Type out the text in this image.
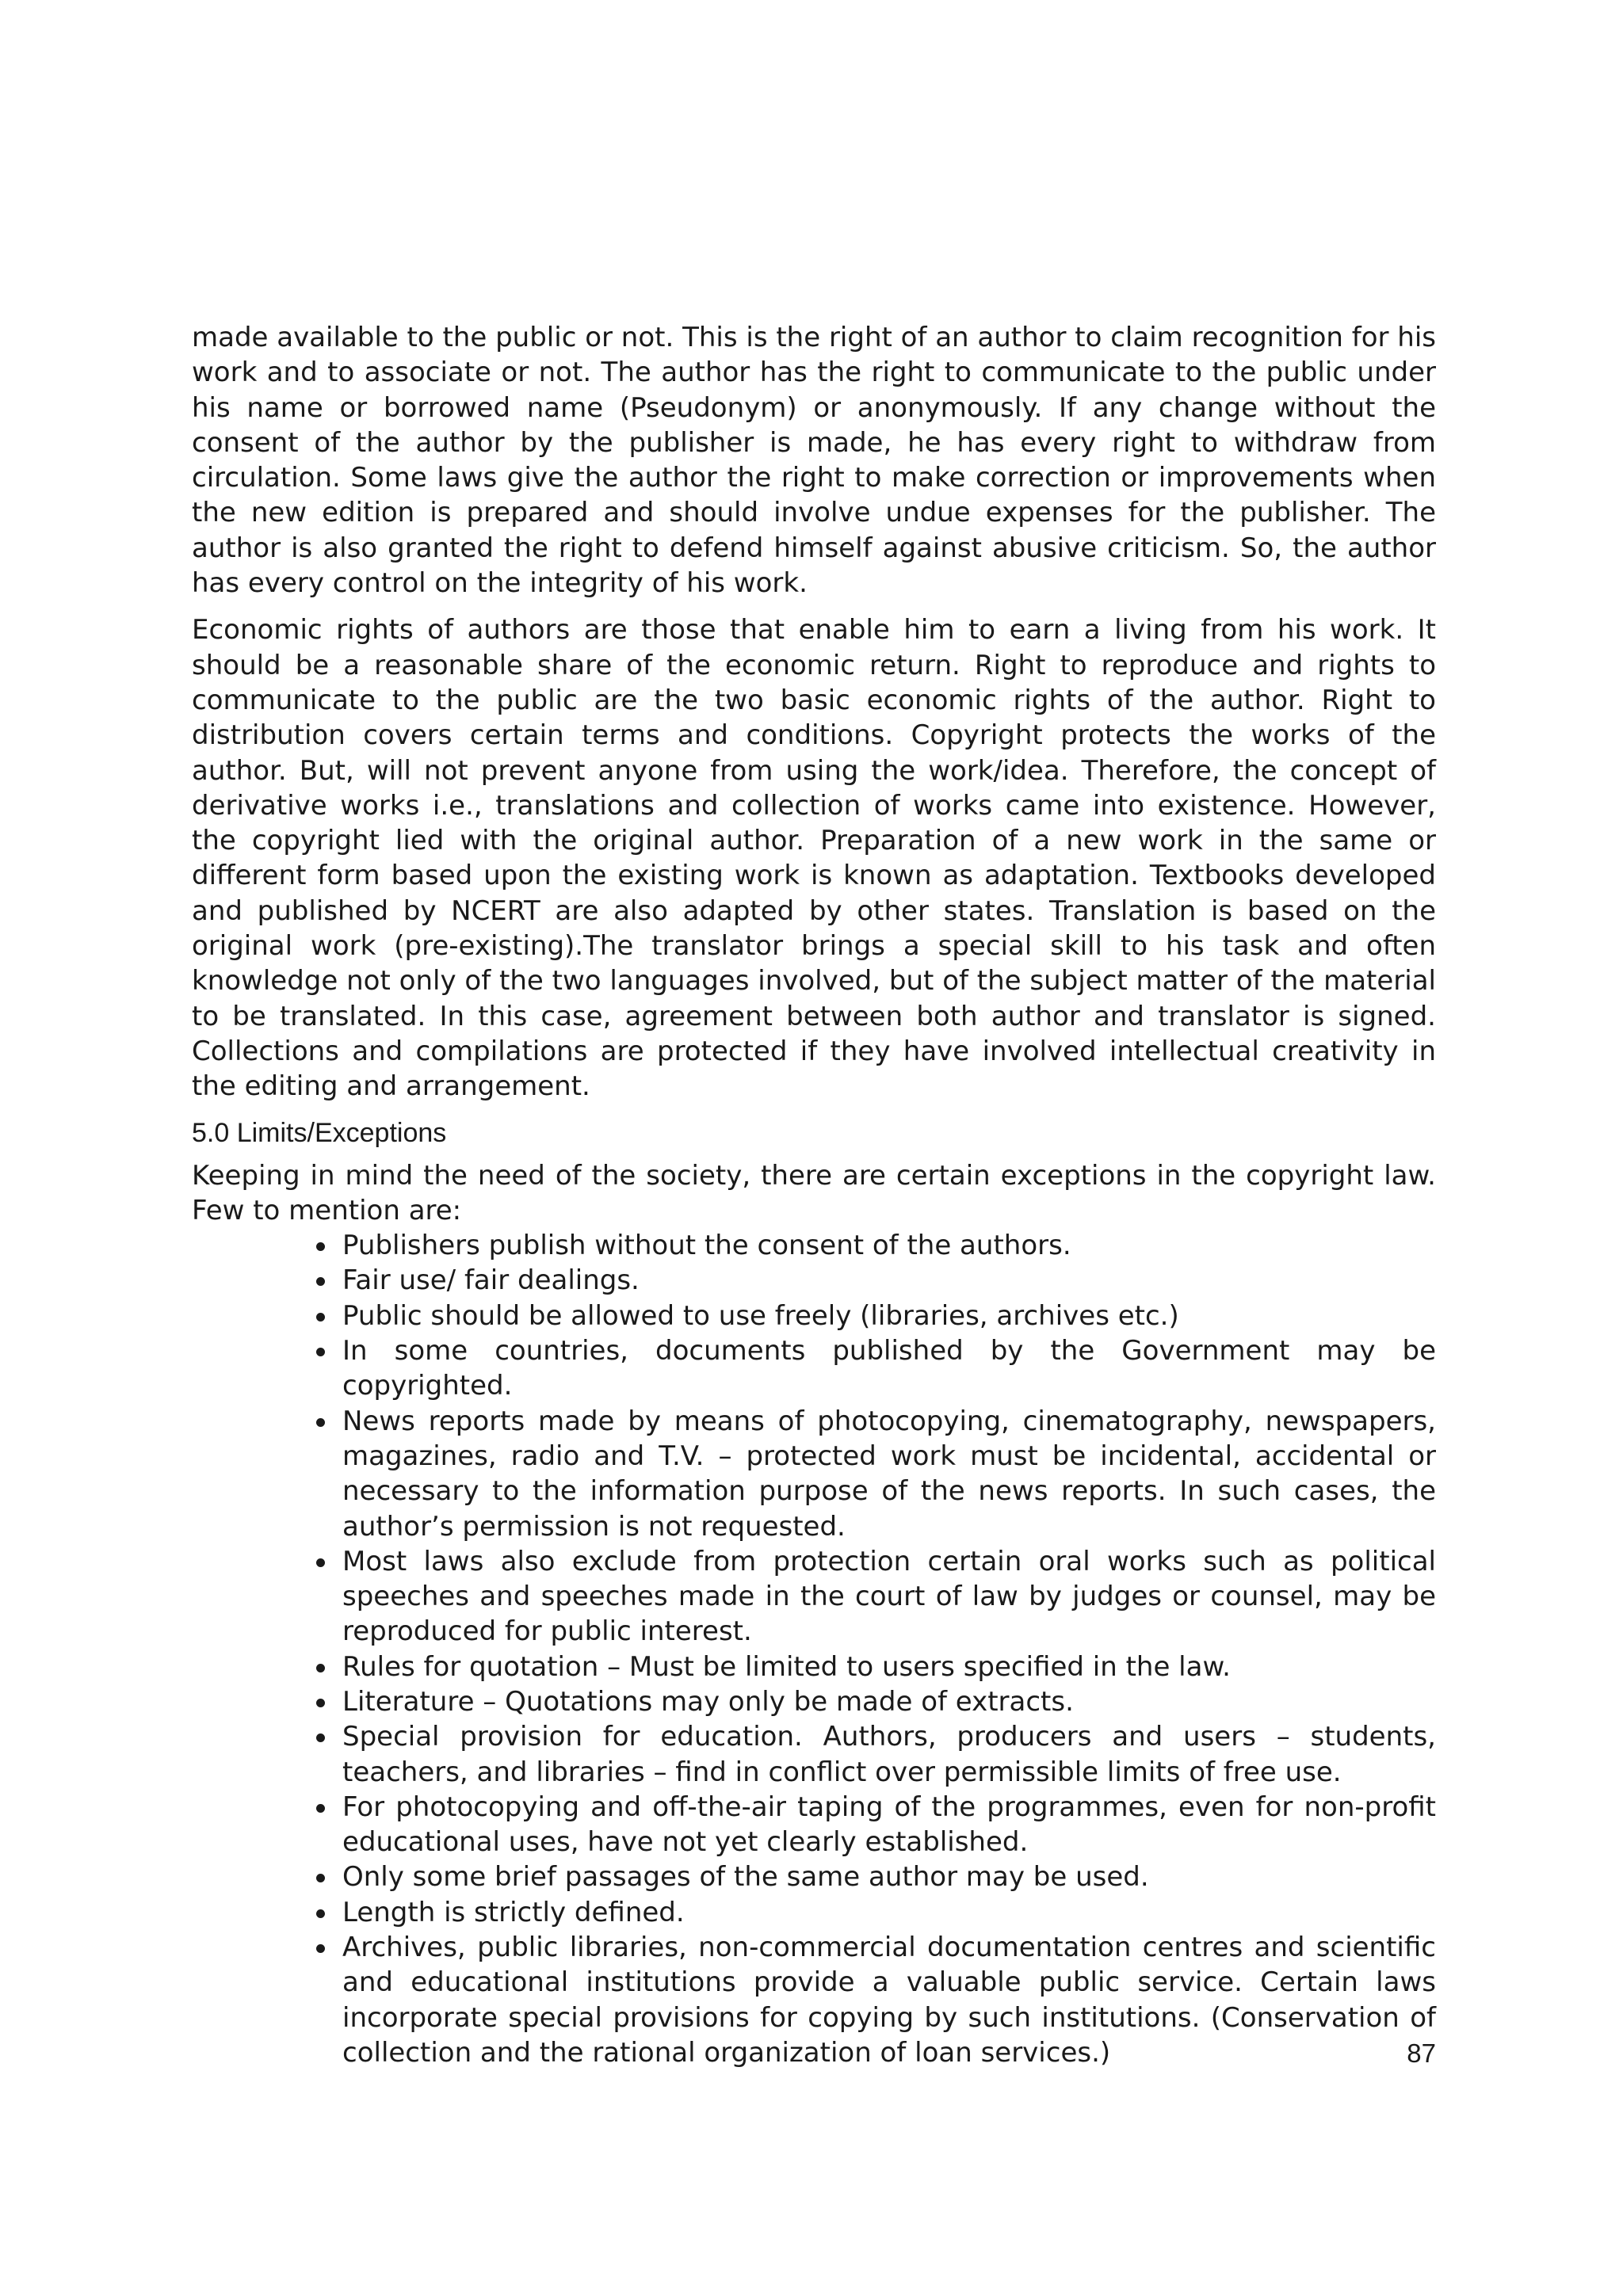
made available to the public or not. This is the right of an author to claim recognition for his work and to associate or not. The author has the right to communicate to the public under his name or borrowed name (Pseudonym) or anonymously. If any change without the consent of the author by the publisher is made, he has every right to withdraw from circulation. Some laws give the author the right to make correction or improvements when the new edition is prepared and should involve undue expenses for the publisher. The author is also granted the right to defend himself against abusive criticism. So, the author has every control on the integrity of his work.

Economic rights of authors are those that enable him to earn a living from his work. It should be a reasonable share of the economic return. Right to reproduce and rights to communicate to the public are the two basic economic rights of the author. Right to distribution covers certain terms and conditions. Copyright protects the works of the author. But, will not prevent anyone from using the work/idea. Therefore, the concept of derivative works i.e., translations and collection of works came into existence. However, the copyright lied with the original author. Preparation of a new work in the same or different form based upon the existing work is known as adaptation. Textbooks developed and published by NCERT are also adapted by other states. Translation is based on the original work (pre-existing).The translator brings a special skill to his task and often knowledge not only of the two languages involved, but of the subject matter of the material to be translated. In this case, agreement between both author and translator is signed. Collections and compilations are protected if they have involved intellectual creativity in the editing and arrangement.

5.0 Limits/Exceptions

Keeping in mind the need of the society, there are certain exceptions in the copyright law. Few to mention are:

Publishers publish without the consent of the authors.
Fair use/ fair dealings.
Public should be allowed to use freely (libraries, archives etc.)
In some countries, documents published by the Government may be copyrighted.
News reports made by means of photocopying, cinematography, newspapers, magazines, radio and T.V. – protected work must be incidental, accidental or necessary to the information purpose of the news reports. In such cases, the author’s permission is not requested.
Most laws also exclude from protection certain oral works such as political speeches and speeches made in the court of law by judges or counsel, may be reproduced for public interest.
Rules for quotation – Must be limited to users specified in the law.
Literature – Quotations may only be made of extracts.
Special provision for education. Authors, producers and users – students, teachers, and libraries – find in conflict over permissible limits of free use.
For photocopying and off-the-air taping of the programmes, even for non-profit educational uses, have not yet clearly established.
Only some brief passages of the same author may be used.
Length is strictly defined.
Archives, public libraries, non-commercial documentation centres and scientific and educational institutions provide a valuable public service. Certain laws incorporate special provisions for copying by such institutions. (Conservation of collection and the rational organization of loan services.)	87
